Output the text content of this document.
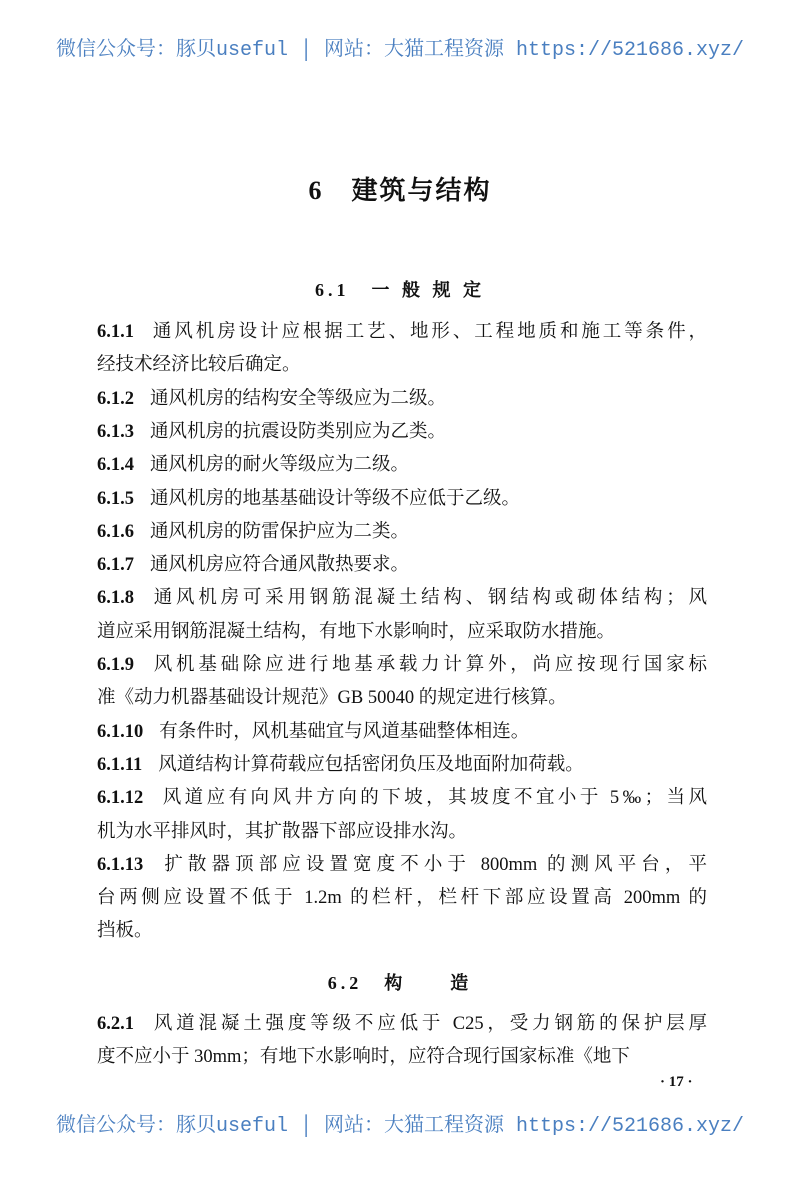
微信公众号：豚贝useful │ 网站：大猫工程资源 https://521686.xyz/
6　建筑与结构
6.1　一 般 规 定
6.1.1 通风机房设计应根据工艺、地形、工程地质和施工等条件，
经技术经济比较后确定。
6.1.2 通风机房的结构安全等级应为二级。
6.1.3 通风机房的抗震设防类别应为乙类。
6.1.4 通风机房的耐火等级应为二级。
6.1.5 通风机房的地基基础设计等级不应低于乙级。
6.1.6 通风机房的防雷保护应为二类。
6.1.7 通风机房应符合通风散热要求。
6.1.8 通风机房可采用钢筋混凝土结构、钢结构或砌体结构；风
道应采用钢筋混凝土结构，有地下水影响时，应采取防水措施。
6.1.9 风机基础除应进行地基承载力计算外，尚应按现行国家标
准《动力机器基础设计规范》GB 50040 的规定进行核算。
6.1.10 有条件时，风机基础宜与风道基础整体相连。
6.1.11 风道结构计算荷载应包括密闭负压及地面附加荷载。
6.1.12 风道应有向风井方向的下坡，其坡度不宜小于 5‰；当风
机为水平排风时，其扩散器下部应设排水沟。
6.1.13 扩散器顶部应设置宽度不小于 800mm 的测风平台，平
台两侧应设置不低于 1.2m 的栏杆，栏杆下部应设置高 200mm 的
挡板。
6.2　构　　造
6.2.1 风道混凝土强度等级不应低于 C25，受力钢筋的保护层厚
度不应小于 30mm；有地下水影响时，应符合现行国家标准《地下
· 17 ·
微信公众号：豚贝useful │ 网站：大猫工程资源 https://521686.xyz/
